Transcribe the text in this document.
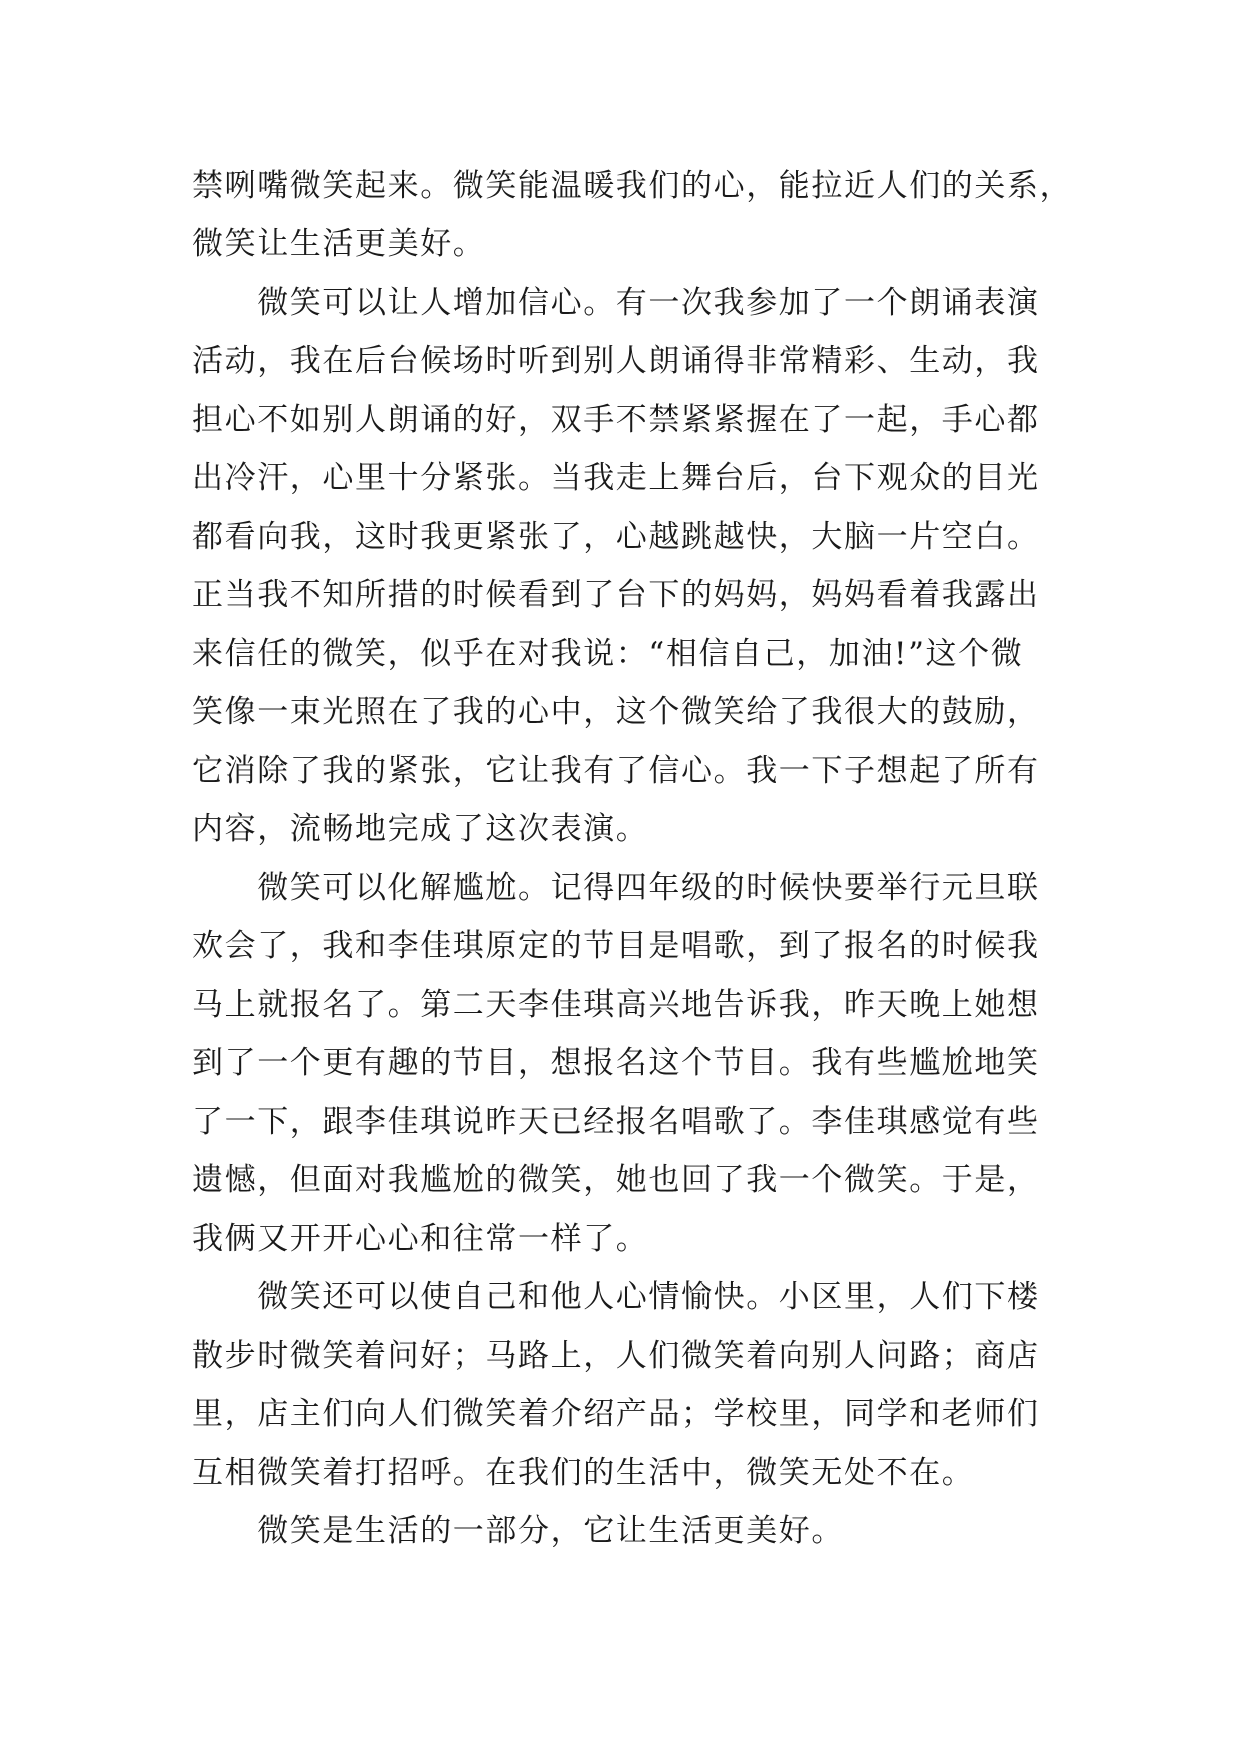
禁咧嘴微笑起来。微笑能温暖我们的心，能拉近人们的关系，
微笑让生活更美好。
　　微笑可以让人增加信心。有一次我参加了一个朗诵表演
活动，我在后台候场时听到别人朗诵得非常精彩、生动，我
担心不如别人朗诵的好，双手不禁紧紧握在了一起，手心都
出冷汗，心里十分紧张。当我走上舞台后，台下观众的目光
都看向我，这时我更紧张了，心越跳越快，大脑一片空白。
正当我不知所措的时候看到了台下的妈妈，妈妈看着我露出
来信任的微笑，似乎在对我说：“相信自己，加油!”这个微
笑像一束光照在了我的心中，这个微笑给了我很大的鼓励，
它消除了我的紧张，它让我有了信心。我一下子想起了所有
内容，流畅地完成了这次表演。
　　微笑可以化解尴尬。记得四年级的时候快要举行元旦联
欢会了，我和李佳琪原定的节目是唱歌，到了报名的时候我
马上就报名了。第二天李佳琪高兴地告诉我，昨天晚上她想
到了一个更有趣的节目，想报名这个节目。我有些尴尬地笑
了一下，跟李佳琪说昨天已经报名唱歌了。李佳琪感觉有些
遗憾，但面对我尴尬的微笑，她也回了我一个微笑。于是，
我俩又开开心心和往常一样了。
　　微笑还可以使自己和他人心情愉快。小区里，人们下楼
散步时微笑着问好；马路上，人们微笑着向别人问路；商店
里，店主们向人们微笑着介绍产品；学校里，同学和老师们
互相微笑着打招呼。在我们的生活中，微笑无处不在。
　　微笑是生活的一部分，它让生活更美好。
